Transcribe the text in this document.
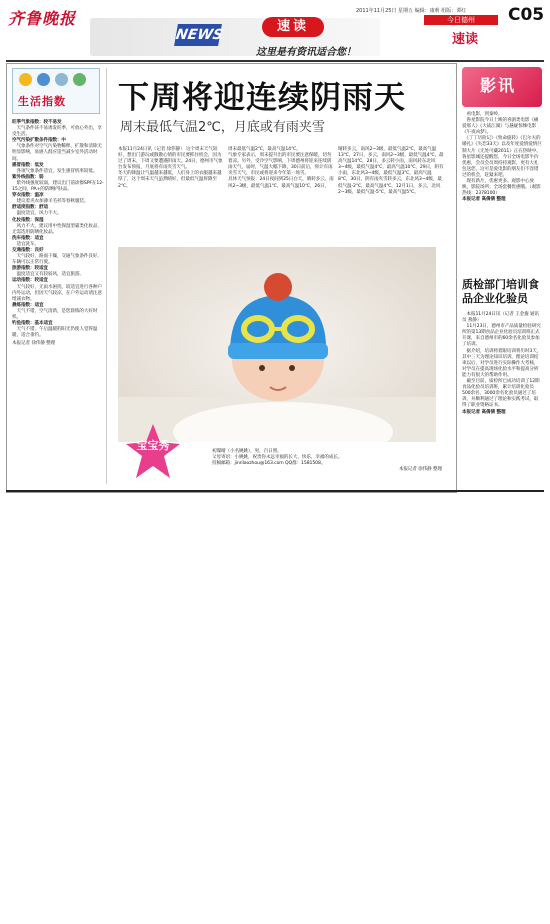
齐鲁晚报
NEWS
速读
这里是有资讯适合您！
2011年11月25日 星期五 编辑：康莉 组版：谭红 C05
今日德州
速读
生活指数

旺季气象指数：较不易发

　天气条件该不易诱发旺季，可放心外出，享受生活。

空气污染扩散条件指数：中

　气象条件对空气污染物稀释、扩散和清除无明显影响，易感人群应适当减少室外活动时间。

感冒指数：低发

　各项气象条件适宜，发生感冒机率较低。

紫外线指数：弱

　紫外线强度较弱，建议出门前涂擦SPF在12-15之间，PA+的防晒护肤品。

穿衣指数：温凉

　建议着夹衣加薄羊毛衫等春秋服装。

舒适度指数：舒适

　温度适宜，风力不大。

化妆指数：保湿

　风力不大，建议用中性保湿型霜类化妆品，无需选用防晒化妆品。

洗车指数：适宜

　适宜洗车。

交通指数：良好

　天气较好，路面干燥，交通气象条件良好，车辆可以正常行驶。

旅游指数：较适宜

　温度适宜又有较弱风，适宜旅游。

运动指数：较适宜

　天气较好，无雨水困扰，较适宜进行各种户内外运动，但因天气较凉，在户外运动请注意增减衣物。

晨练指数：适宜

　天气不错，空气清新，是您晨练的大好时机。

钓鱼指数：基本适宜

　天气不错，午后温暖的阳光仍使人觉得温暖，适合垂钓。

本报记者 徐伟静 整理

下周将迎连续阴雨天
周末最低气温2℃，月底或有雨夹雪
本报11月24日讯（记者 徐伟静） 这个周末天气较好，想出门游玩或散散心情的市民要抓住机会，因为过了周末，下周又要遭遇阴雨天。24日，德州市气象台发布预报，月底将有雨夹雪天气。
冬天的降温让气温越来越低，人们身上的衣服越来越厚了，这个周末天气虽然晴好，但最低气温将降至2℃。
周末最低气温2℃，最高气温14℃。
气象专家表示，周末提升出的市民要注意保暖，切勿着凉。另外，受冷空气影响，下周德州将迎来连续阴雨天气，届时，气温大幅下降，30日前后，预计有雨夹雪天气，市民或将迎来今年第一场雪。
具体天气预报：24日夜间到25日白天，晴转多云，南风2~3级，最低气温1℃，最高气温10℃，26日，
晴转多云，南风2~3级，最低气温2℃，最高气温13℃，27日，多云，南风2~3级，最低气温4℃，最高气温14℃，28日，多云转小雨，南风转东北风3~4级，最低气温4℃，最高气温10℃，29日，阴有小雨，东北风3~4级，最低气温3℃，最高气温8℃，30日，阴有雨夹雪转多云，东北风3~4级，最低气温-2℃，最高气温4℃，12月1日，多云，北风2~3级，最低气温-5℃，最高气温5℃。
宝宝秀	初璨晴（小名姚姚），男，百日照。

父母寄语：小姚姚，祝贵你永远幸福的长大，快乐，幸福的成长。

投稿邮箱：jinrilaozhou@163.com QQ群：1581508。

本报记者 徐伟静 整理

影讯

　看电影，到秦岭。

　鲁星影院今日上映的喜剧类电影《痛爱那人》《大战江湖》与悬疑惊悚电影《午夜凶梦》。

　《丁丁历险记》《致命旋转》《巴尔夫的婚礼》《失恋33天》以及年度爱情爱情巨制大片《无处可藏2011》正在热映中。鲁星影城还提醒您，今日全场电影半价优惠，会员会员周持持观影，更有大礼包送您，这可是爱电影的朋友们不容错过的机会，赶紧来吧。

　现有新片，优惠更多。观影中心放映，影院场所；全场套餐优惠哦。（观影热线：2378100）

本报记者 高倩倩 整理

质检部门培训食品企业化验员

　本报11月24日讯（记者 王金銮 通讯员 燕静）

　11月23日，德州市产品质量检验研究所的第13期食品企业化验员培训班正式开课，来自德州市的60余名化验员参加了培训。

　据介绍，培训将着眼培训将历时3天，其中三天为理论知识培训，理论培训结束以后，对学员进行实际操作大考核，对学员在提高现场化验水平和提高分析能力有很大的帮助作用。

　截至目前，质检所已成功培训了12期食品化验员培训班，累计培训化验员500余名，3000余名化验员通过了培训，并顺利通过了理论和实践考试，取得了职业资格证书。

本报记者 高倩倩 整理
